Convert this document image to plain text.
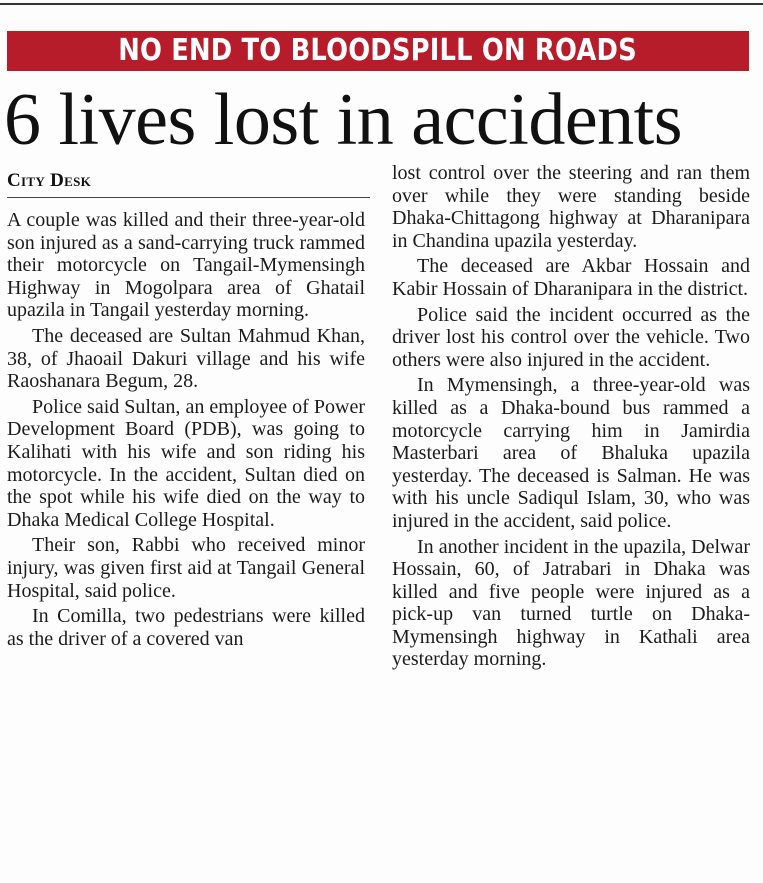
NO END TO BLOODSPILL ON ROADS
6 lives lost in accidents
City Desk

A couple was killed and their three-year-old son injured as a sand-carrying truck rammed their motorcycle on Tangail-Mymensingh Highway in Mogolpara area of Ghatail upazila in Tangail yesterday morning.

The deceased are Sultan Mahmud Khan, 38, of Jhaoail Dakuri village and his wife Raoshanara Begum, 28.

Police said Sultan, an employee of Power Development Board (PDB), was going to Kalihati with his wife and son riding his motorcycle. In the accident, Sultan died on the spot while his wife died on the way to Dhaka Medical College Hospital.

Their son, Rabbi who received minor injury, was given first aid at Tangail General Hospital, said police.

In Comilla, two pedestrians were killed as the driver of a covered van

lost control over the steering and ran them over while they were standing beside Dhaka-Chittagong highway at Dharanipara in Chandina upazila yesterday.

The deceased are Akbar Hossain and Kabir Hossain of Dharanipara in the district.

Police said the incident occurred as the driver lost his control over the vehicle. Two others were also injured in the accident.

In Mymensingh, a three-year-old was killed as a Dhaka-bound bus rammed a motorcycle carrying him in Jamirdia Masterbari area of Bhaluka upazila yesterday. The deceased is Salman. He was with his uncle Sadiqul Islam, 30, who was injured in the accident, said police.

In another incident in the upazila, Delwar Hossain, 60, of Jatrabari in Dhaka was killed and five people were injured as a pick-up van turned turtle on Dhaka-Mymensingh highway in Kathali area yesterday morning.
